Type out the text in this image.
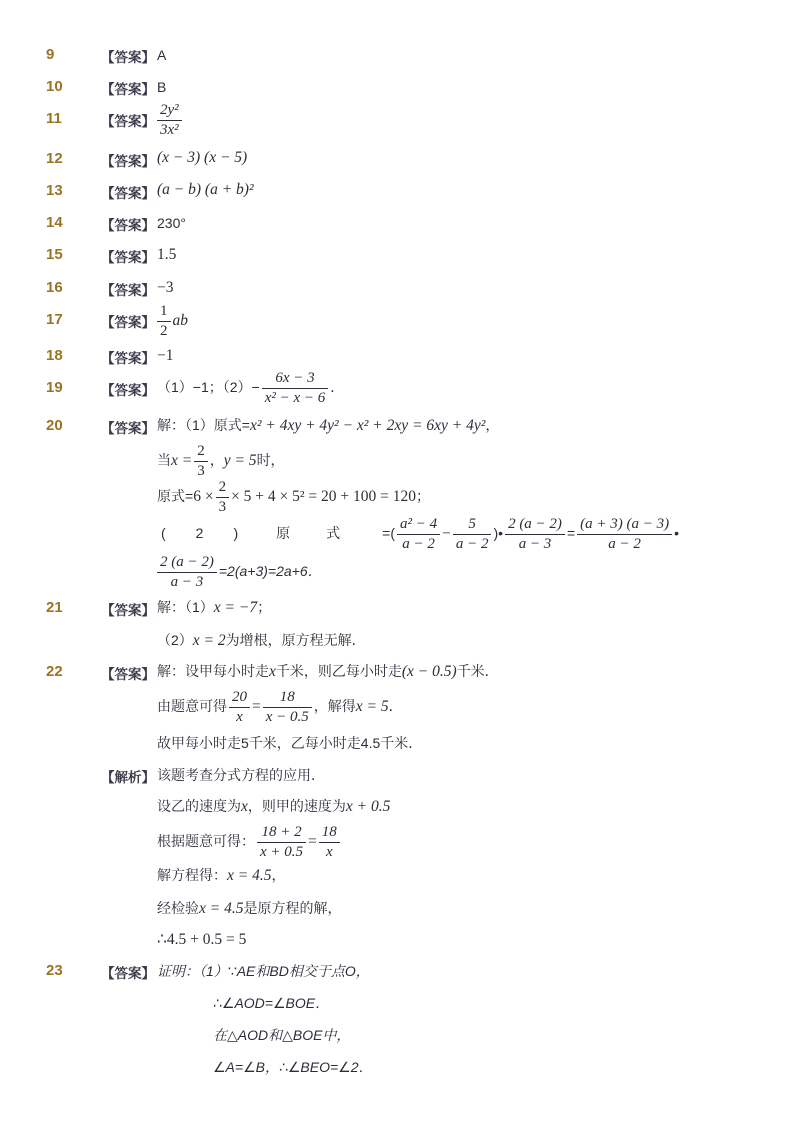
9	【答案】 A
10	【答案】 B
11	【答案】 $\frac{\text{2y²}}{\text{3x²}}$
12	【答案】 (x − 3) (x − 5)
13	【答案】 (a − b) (a + b)²
14	【答案】 230°
15	【答案】 1.5
16	【答案】 −3
17	【答案】 $\frac{1}{2}$ ab
18	【答案】 −1
19	【答案】 （1）−1；$(2)- \frac{6x - 3}{\text{x² − x − 6}}$ ．
20	【答案】 解：（1）原式=x² + 4xy + 4y² − x² + 2xy = 6xy + 4y²，
当$x = \frac{2}{3}$ ，y = 5时，
原式$=6 \times \frac{2}{3} \times 5 + 4 \times 5^2 = 20 + 100 = 120$；
( 2 )	原	式	=( $\frac{\text{a² − 4}}{a - 2} - \frac{5}{a - 2}$ )• $\frac{2 (a - 2)}{a - 3} = \frac{(a + 3) (a - 3)}{a - 2}$ •
$\frac{2 (a - 2)}{a - 3} =2(a+3)=2a+6$．
21	【答案】 解：（1）x = −7；
（2）x = 2为增根，原方程无解．
22	【答案】 解：设甲每小时走x千米，则乙每小时走(x − 0.5)千米．
由题意可得 $\frac{20}{x} = \frac{18}{x - 0.5}$ ，解得x = 5．
故甲每小时走5千米，乙每小时走4.5千米．
【解析】 该题考查分式方程的应用．
设乙的速度为x，则甲的速度为x + 0.5
根据题意可得： $\frac{18 + 2}{x + 0.5} = \frac{18}{x}$
解方程得：x = 4.5，
经检验x = 4.5是原方程的解，
∴4.5 + 0.5 = 5
23	【答案】 证明：（1）∵AE和BD相交于点O，
∴∠AOD=∠BOE．
在△AOD和△BOE中，
∠A=∠B，∴∠BEO=∠2．
